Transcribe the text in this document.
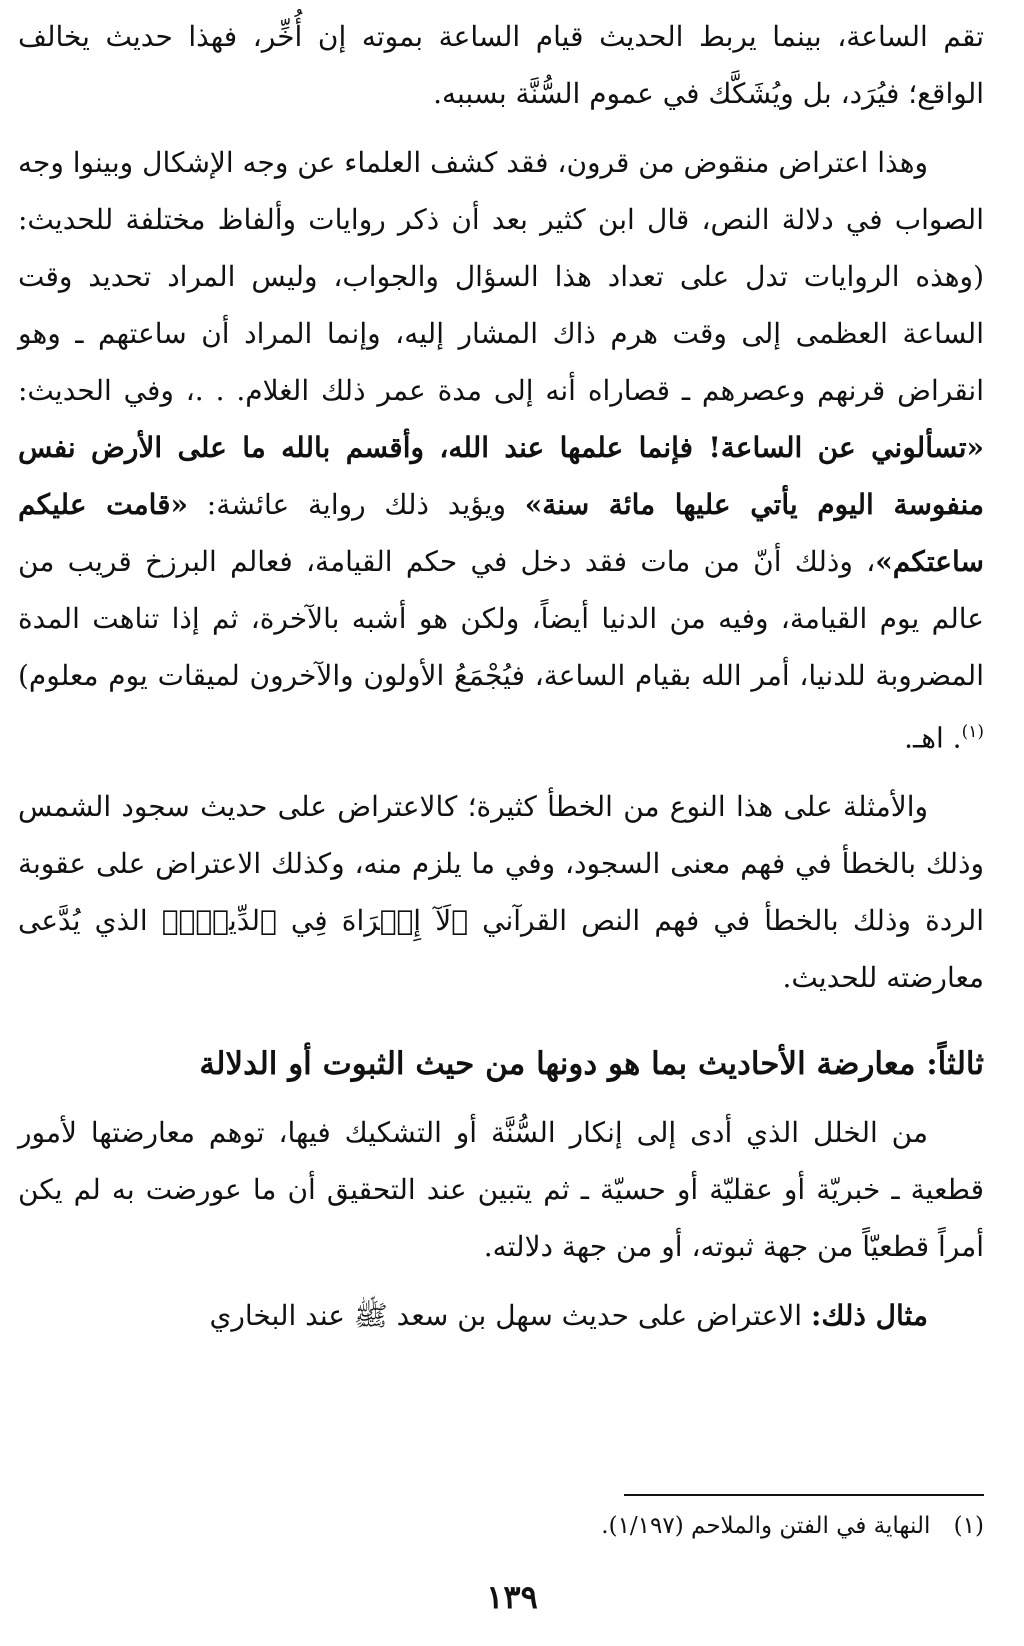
تقم الساعة، بينما يربط الحديث قيام الساعة بموته إن أُخِّر، فهذا حديث يخالف الواقع؛ فيُرَد، بل ويُشَكَّك في عموم السُّنَّة بسببه.

وهذا اعتراض منقوض من قرون، فقد كشف العلماء عن وجه الإشكال وبينوا وجه الصواب في دلالة النص، قال ابن كثير بعد أن ذكر روايات وألفاظ مختلفة للحديث: (وهذه الروايات تدل على تعداد هذا السؤال والجواب، وليس المراد تحديد وقت الساعة العظمى إلى وقت هرم ذاك المشار إليه، وإنما المراد أن ساعتهم ـ وهو انقراض قرنهم وعصرهم ـ قصاراه أنه إلى مدة عمر ذلك الغلام. . .، وفي الحديث: «تسألوني عن الساعة! فإنما علمها عند الله، وأقسم بالله ما على الأرض نفس منفوسة اليوم يأتي عليها مائة سنة» ويؤيد ذلك رواية عائشة: «قامت عليكم ساعتكم»، وذلك أنّ من مات فقد دخل في حكم القيامة، فعالم البرزخ قريب من عالم يوم القيامة، وفيه من الدنيا أيضاً، ولكن هو أشبه بالآخرة، ثم إذا تناهت المدة المضروبة للدنيا، أمر الله بقيام الساعة، فيُجْمَعُ الأولون والآخرون لميقات يوم معلوم)$^{(١)}$. اهـ.

والأمثلة على هذا النوع من الخطأ كثيرة؛ كالاعتراض على حديث سجود الشمس وذلك بالخطأ في فهم معنى السجود، وفي ما يلزم منه، وكذلك الاعتراض على عقوبة الردة وذلك بالخطأ في فهم النص القرآني ﴿لَآ إِكۡرَاهَ فِي ٱلدِّينِۖ﴾ الذي يُدَّعى معارضته للحديث.

ثالثاً: معارضة الأحاديث بما هو دونها من حيث الثبوت أو الدلالة

من الخلل الذي أدى إلى إنكار السُّنَّة أو التشكيك فيها، توهم معارضتها لأمور قطعية ـ خبريّة أو عقليّة أو حسيّة ـ ثم يتبين عند التحقيق أن ما عورضت به لم يكن أمراً قطعيّاً من جهة ثبوته، أو من جهة دلالته.

مثال ذلك: الاعتراض على حديث سهل بن سعد ﷺ عند البخاري

(١) النهاية في الفتن والملاحم (١/١٩٧).
١٣٩
